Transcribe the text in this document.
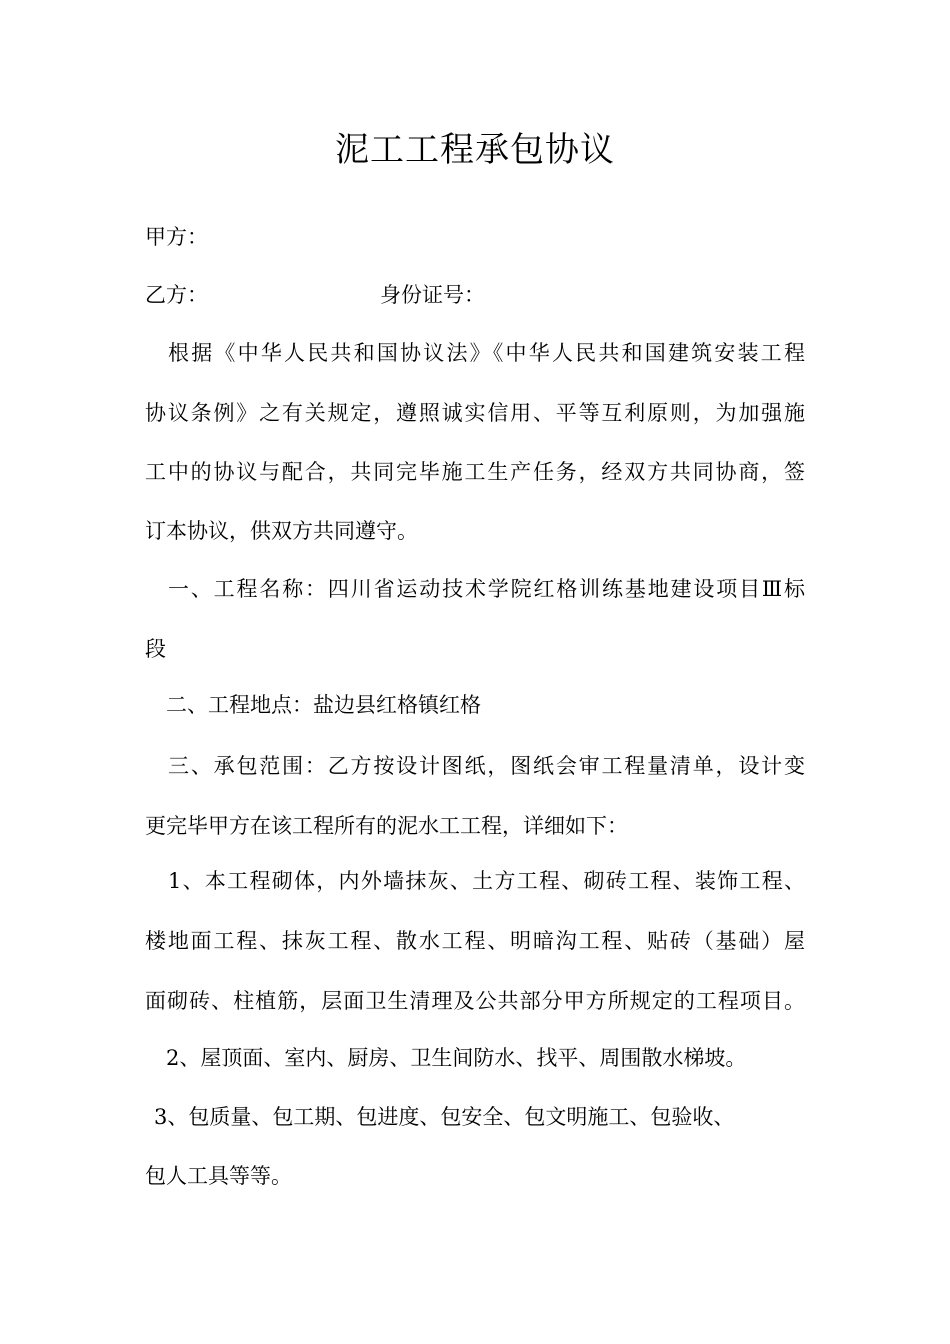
泥工工程承包协议
甲方：
乙方：	身份证号：
根据《中华人民共和国协议法》《中华人民共和国建筑安装工程
协议条例》之有关规定，遵照诚实信用、平等互利原则，为加强施
工中的协议与配合，共同完毕施工生产任务，经双方共同协商，签
订本协议，供双方共同遵守。
一、工程名称：四川省运动技术学院红格训练基地建设项目Ⅲ标
段
二、工程地点：盐边县红格镇红格
三、承包范围：乙方按设计图纸，图纸会审工程量清单，设计变
更完毕甲方在该工程所有的泥水工工程，详细如下：
1、本工程砌体，内外墙抹灰、土方工程、砌砖工程、装饰工程、
楼地面工程、抹灰工程、散水工程、明暗沟工程、贴砖（基础）屋
面砌砖、柱植筋，层面卫生清理及公共部分甲方所规定的工程项目。
2、屋顶面、室内、厨房、卫生间防水、找平、周围散水梯坡。
3、包质量、包工期、包进度、包安全、包文明施工、包验收、
包人工具等等。
